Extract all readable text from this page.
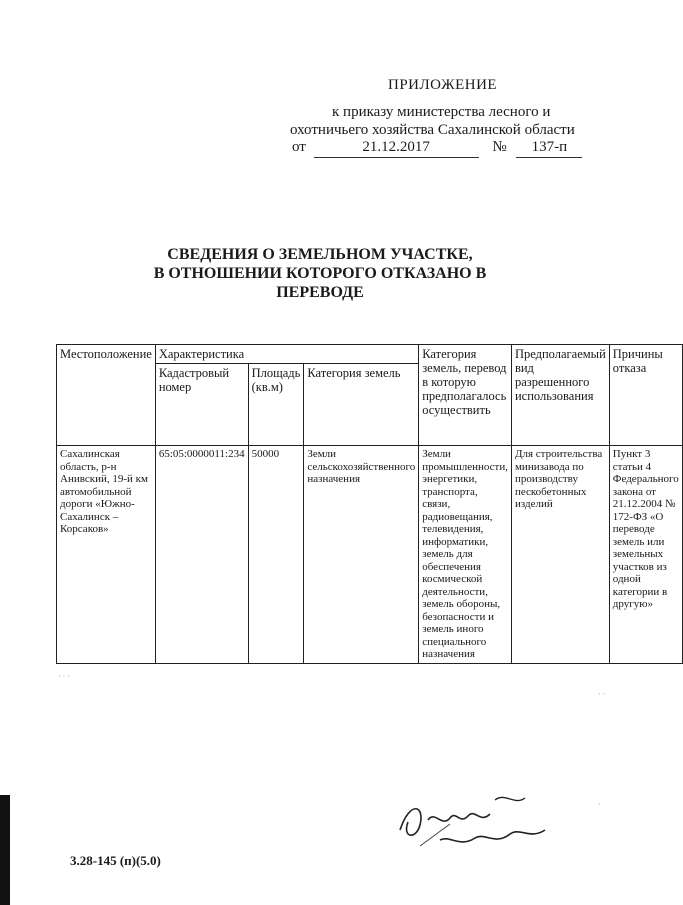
ПРИЛОЖЕНИЕ
к приказу министерства лесного и
охотничьего хозяйства Сахалинской области
от	21.12.2017	№ 137-п
СВЕДЕНИЯ О ЗЕМЕЛЬНОМ УЧАСТКЕ,
В ОТНОШЕНИИ КОТОРОГО ОТКАЗАНО В
ПЕРЕВОДЕ
Местоположение	Характеристика			Категория земель, перевод в которую предполагалось осуществить	Предполагаемый вид разрешенного использования	Причины отказа
	Кадастровый номер	Площадь (кв.м)	Категория земель			
Сахалинская область, р-н Анивский, 19-й км автомобильной дороги «Южно-Сахалинск – Корсаков»	65:05:0000011:234	50000	Земли сельскохозяйственного назначения	Земли промышленности, энергетики, транспорта, связи, радиовещания, телевидения, информатики, земель для обеспечения космической деятельности, земель обороны, безопасности и земель иного специального назначения	Для строительства минизавода по производству пескобетонных изделий	Пункт 3 статьи 4 Федерального закона от 21.12.2004 № 172-ФЗ «О переводе земель или земельных участков из одной категории в другую»
· · ·
· ·
·
3.28-145 (п)(5.0)
